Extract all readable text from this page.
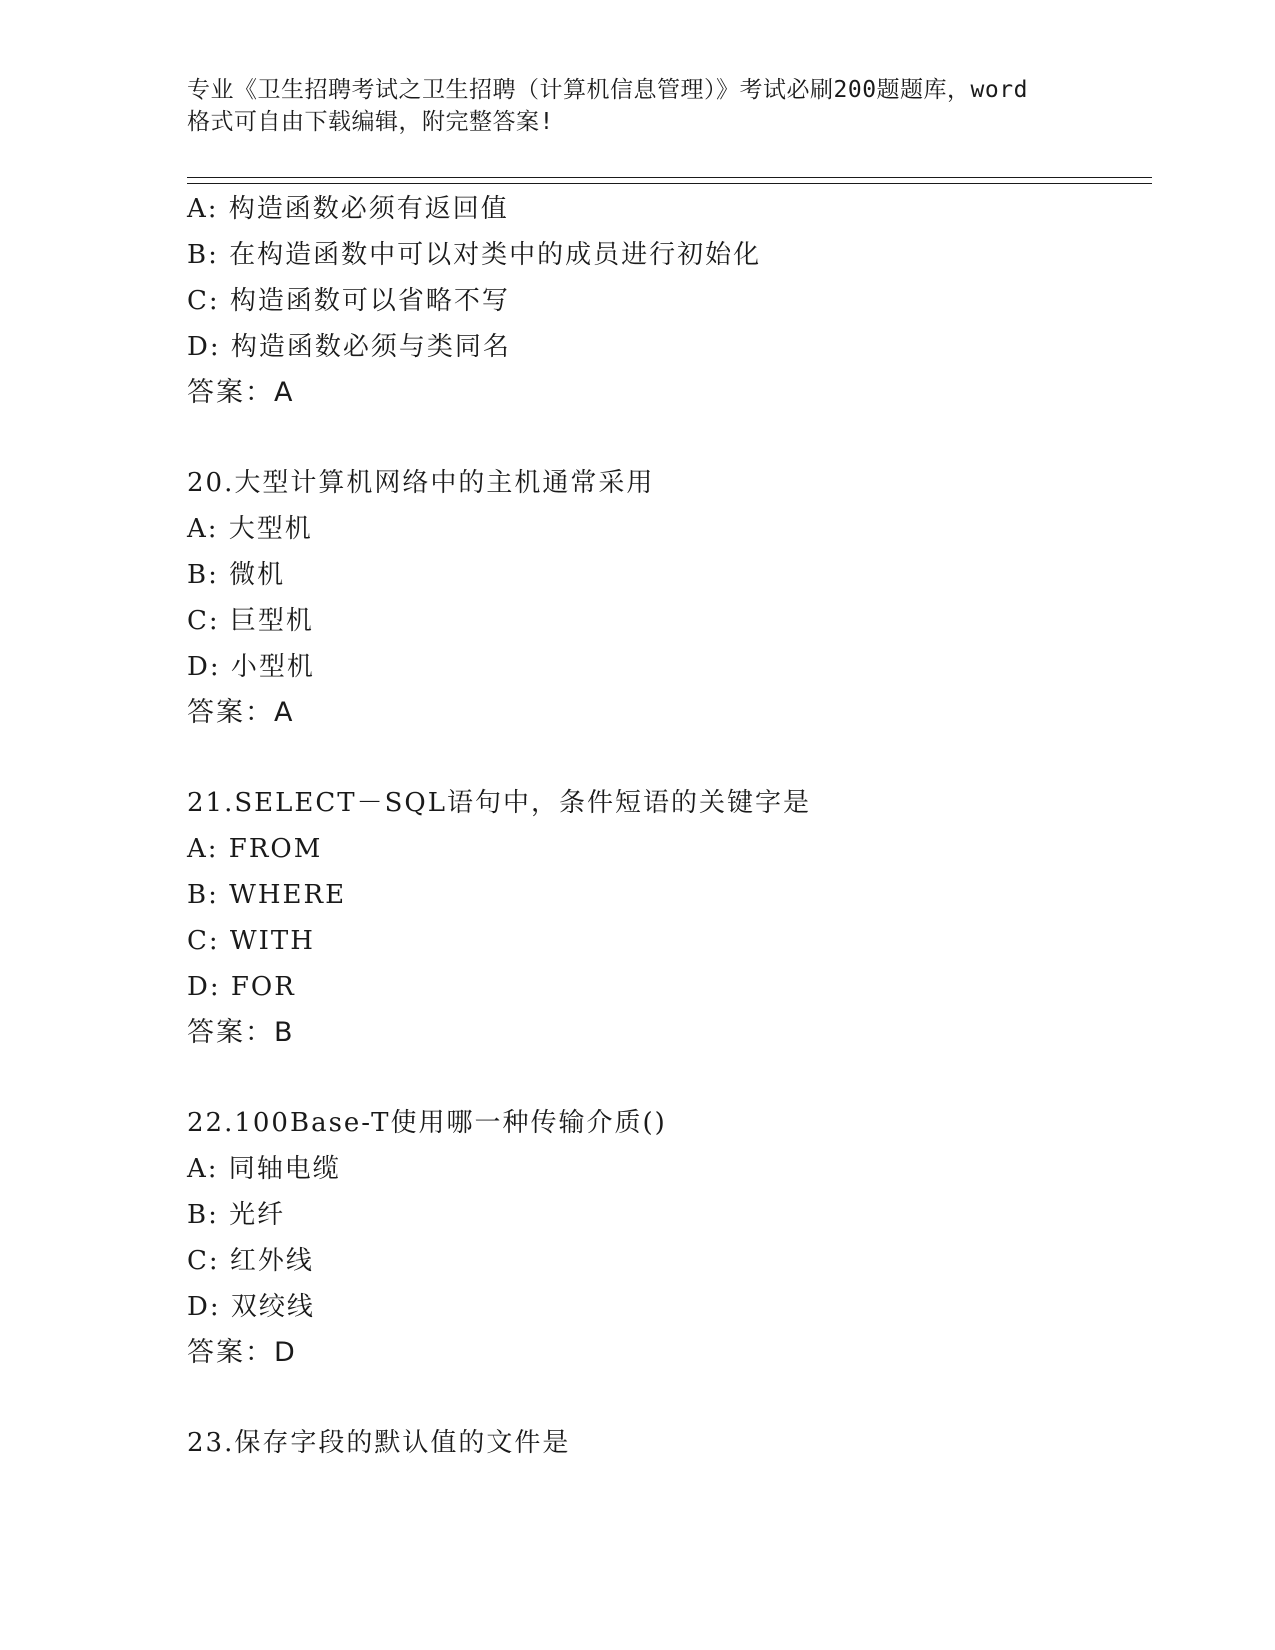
专业《卫生招聘考试之卫生招聘（计算机信息管理）》考试必刷200题题库，word

格式可自由下载编辑，附完整答案!

A: 构造函数必须有返回值
B: 在构造函数中可以对类中的成员进行初始化
C: 构造函数可以省略不写
D: 构造函数必须与类同名
答案：A
20.大型计算机网络中的主机通常采用
A: 大型机
B: 微机
C: 巨型机
D: 小型机
答案：A
21.SELECT－SQL语句中，条件短语的关键字是
A: FROM
B: WHERE
C: WITH
D: FOR
答案：B
22.100Base-T使用哪一种传输介质()
A: 同轴电缆
B: 光纤
C: 红外线
D: 双绞线
答案：D
23.保存字段的默认值的文件是
